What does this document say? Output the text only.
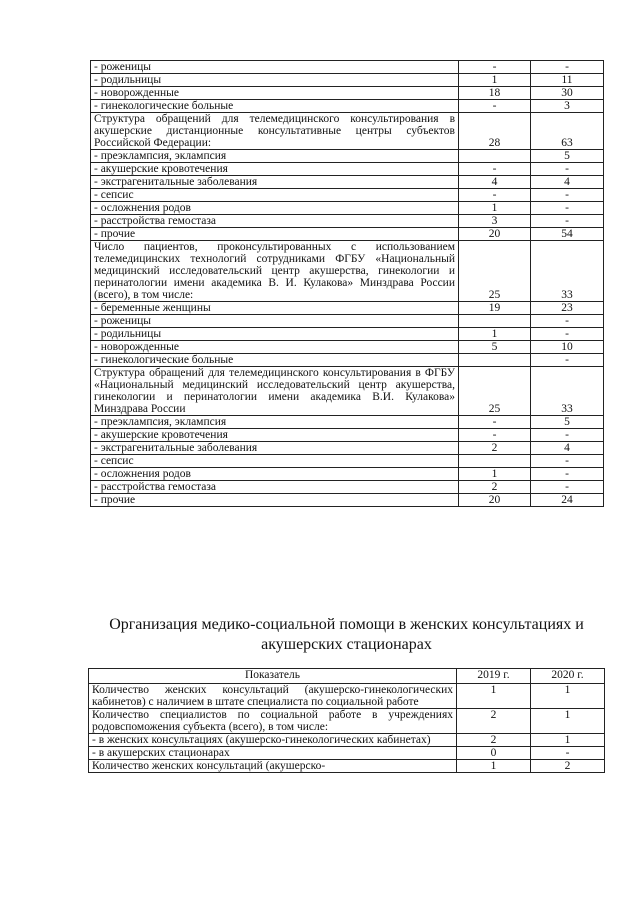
- роженицы	-	-
- родильницы	1	11
- новорожденные	18	30
- гинекологические больные	-	3
Структура обращений для телемедицинского консультирования в акушерские дистанционные консультативные центры субъектов Российской Федерации:	28	63
- преэклампсия, эклампсия		5
- акушерские кровотечения	-	-
- экстрагенитальные заболевания	4	4
- сепсис	-	-
- осложнения родов	1	-
- расстройства гемостаза	3	-
- прочие	20	54
Число пациентов, проконсультированных с использованием телемедицинских технологий сотрудниками ФГБУ «Национальный медицинский исследовательский центр акушерства, гинекологии и перинатологии имени академика В. И. Кулакова» Минздрава России (всего), в том числе:	25	33
- беременные женщины	19	23
- роженицы		-
- родильницы	1	-
- новорожденные	5	10
- гинекологические больные		-
Структура обращений для телемедицинского консультирования в ФГБУ «Национальный медицинский исследовательский центр акушерства, гинекологии и перинатологии имени академика В.И. Кулакова» Минздрава России	25	33
- преэклампсия, эклампсия	-	5
- акушерские кровотечения	-	-
- экстрагенитальные заболевания	2	4
- сепсис		-
- осложнения родов	1	-
- расстройства гемостаза	2	-
- прочие	20	24
Организация медико-социальной помощи в женских консультациях и акушерских стационарах
Показатель	2019 г.	2020 г.
Количество женских консультаций (акушерско-гинекологических кабинетов) с наличием в штате специалиста по социальной работе	1	1
Количество специалистов по социальной работе в учреждениях родовспоможения субъекта (всего), в том числе:	2	1
- в женских консультациях (акушерско-гинекологических кабинетах)	2	1
- в акушерских стационарах	0	-
Количество женских консультаций (акушерско-	1	2
